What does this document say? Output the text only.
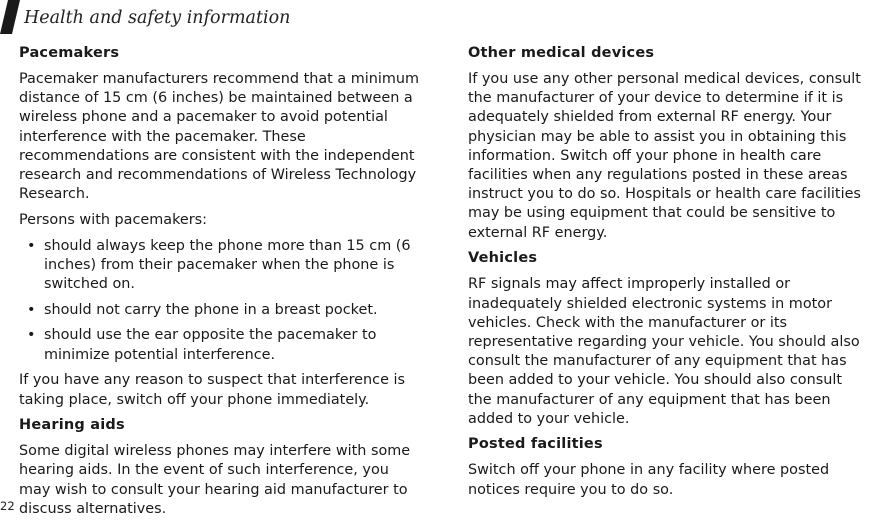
Health and safety information
Pacemakers

Pacemaker manufacturers recommend that a minimum distance of 15 cm (6 inches) be maintained between a wireless phone and a pacemaker to avoid potential interference with the pacemaker. These recommendations are consistent with the independent research and recommendations of Wireless Technology Research.

Persons with pacemakers:

• should always keep the phone more than 15 cm (6 inches) from their pacemaker when the phone is switched on.
• should not carry the phone in a breast pocket.
• should use the ear opposite the pacemaker to minimize potential interference.

If you have any reason to suspect that interference is taking place, switch off your phone immediately.

Hearing aids

Some digital wireless phones may interfere with some hearing aids. In the event of such interference, you may wish to consult your hearing aid manufacturer to discuss alternatives.

Other medical devices

If you use any other personal medical devices, consult the manufacturer of your device to determine if it is adequately shielded from external RF energy. Your physician may be able to assist you in obtaining this information. Switch off your phone in health care facilities when any regulations posted in these areas instruct you to do so. Hospitals or health care facilities may be using equipment that could be sensitive to external RF energy.

Vehicles

RF signals may affect improperly installed or inadequately shielded electronic systems in motor vehicles. Check with the manufacturer or its representative regarding your vehicle. You should also consult the manufacturer of any equipment that has been added to your vehicle. You should also consult the manufacturer of any equipment that has been added to your vehicle.

Posted facilities

Switch off your phone in any facility where posted notices require you to do so.

22
